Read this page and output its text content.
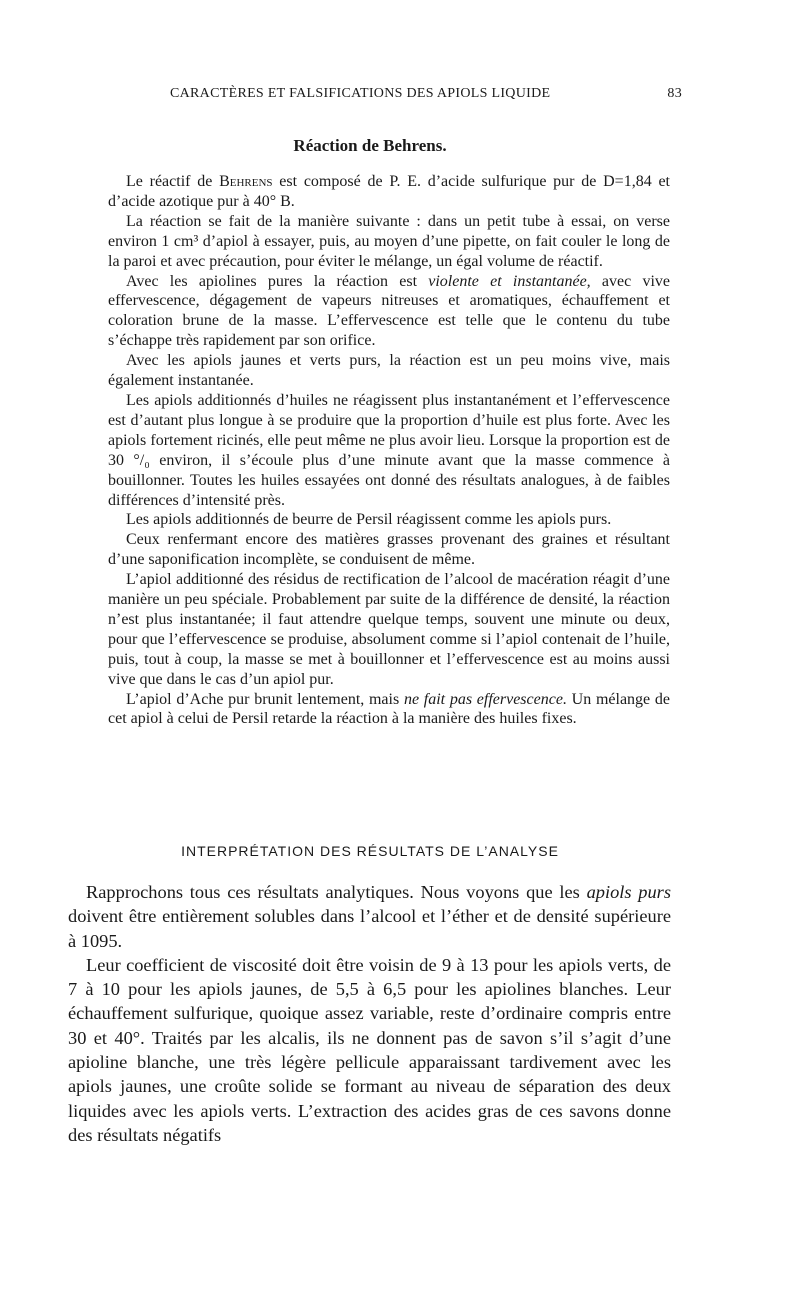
CARACTÈRES ET FALSIFICATIONS DES APIOLS LIQUIDE	83
Réaction de Behrens.

Le réactif de Behrens est composé de P. E. d’acide sulfurique pur de D=1,84 et d’acide azotique pur à 40° B.

La réaction se fait de la manière suivante : dans un petit tube à essai, on verse environ 1 cm³ d’apiol à essayer, puis, au moyen d’une pipette, on fait couler le long de la paroi et avec précaution, pour éviter le mélange, un égal volume de réactif.

Avec les apiolines pures la réaction est violente et instantanée, avec vive effervescence, dégagement de vapeurs nitreuses et aromatiques, échauffement et coloration brune de la masse. L’effervescence est telle que le contenu du tube s’échappe très rapidement par son orifice.

Avec les apiols jaunes et verts purs, la réaction est un peu moins vive, mais également instantanée.

Les apiols additionnés d’huiles ne réagissent plus instantanément et l’effervescence est d’autant plus longue à se produire que la proportion d’huile est plus forte. Avec les apiols fortement ricinés, elle peut même ne plus avoir lieu. Lorsque la proportion est de 30 °/₀ environ, il s’écoule plus d’une minute avant que la masse commence à bouillonner. Toutes les huiles essayées ont donné des résultats analogues, à de faibles différences d’intensité près.

Les apiols additionnés de beurre de Persil réagissent comme les apiols purs.

Ceux renfermant encore des matières grasses provenant des graines et résultant d’une saponification incomplète, se conduisent de même.

L’apiol additionné des résidus de rectification de l’alcool de macération réagit d’une manière un peu spéciale. Probablement par suite de la différence de densité, la réaction n’est plus instantanée; il faut attendre quelque temps, souvent une minute ou deux, pour que l’effervescence se produise, absolument comme si l’apiol contenait de l’huile, puis, tout à coup, la masse se met à bouillonner et l’effervescence est au moins aussi vive que dans le cas d’un apiol pur.

L’apiol d’Ache pur brunit lentement, mais ne fait pas effervescence. Un mélange de cet apiol à celui de Persil retarde la réaction à la manière des huiles fixes.

INTERPRÉTATION DES RÉSULTATS DE L’ANALYSE

Rapprochons tous ces résultats analytiques. Nous voyons que les apiols purs doivent être entièrement solubles dans l’alcool et l’éther et de densité supérieure à 1095.

Leur coefficient de viscosité doit être voisin de 9 à 13 pour les apiols verts, de 7 à 10 pour les apiols jaunes, de 5,5 à 6,5 pour les apiolines blanches. Leur échauffement sulfurique, quoique assez variable, reste d’ordinaire compris entre 30 et 40°. Traités par les alcalis, ils ne donnent pas de savon s’il s’agit d’une apioline blanche, une très légère pellicule apparaissant tardivement avec les apiols jaunes, une croûte solide se formant au niveau de séparation des deux liquides avec les apiols verts. L’extraction des acides gras de ces savons donne des résultats négatifs
